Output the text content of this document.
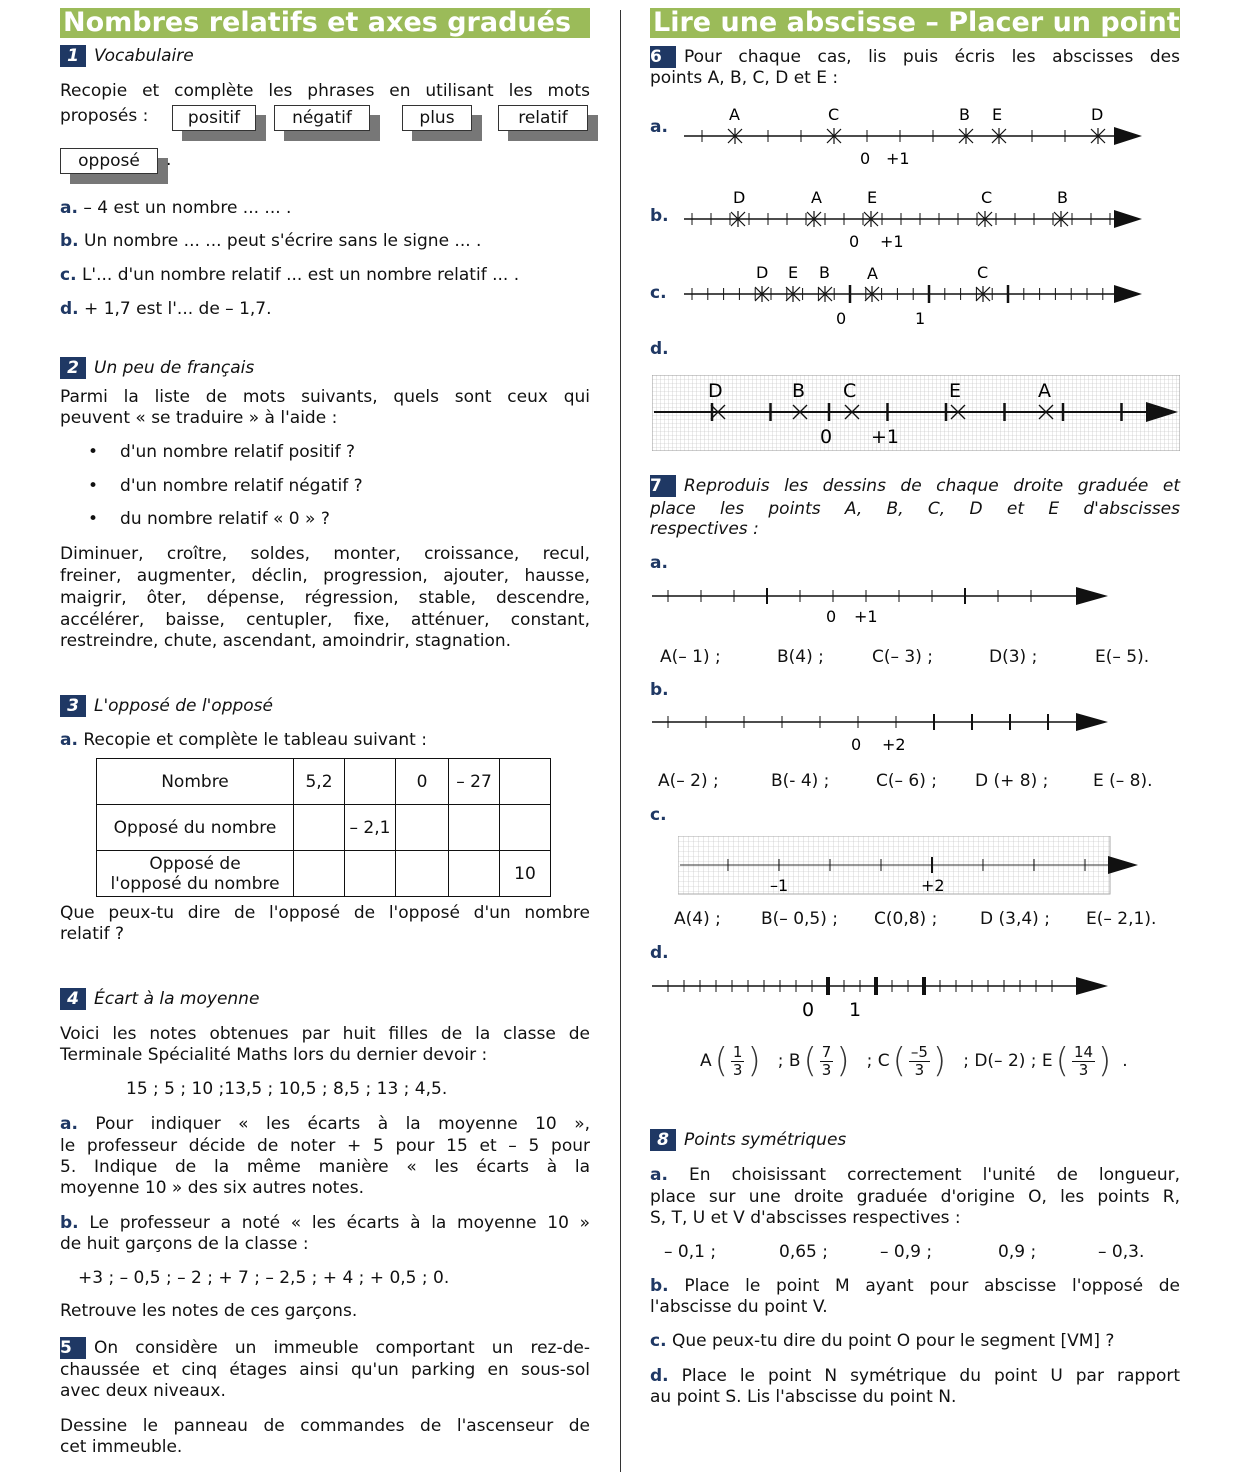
Nombres relatifs et axes gradués
1 Vocabulaire
Recopie et complète les phrases en utilisant les mots
proposés :	positif	négatif	plus	relatif
opposé	.
a. – 4 est un nombre ... ... .
b. Un nombre ... ... peut s'écrire sans le signe ... .
c. L'... d'un nombre relatif ... est un nombre relatif ... .
d. + 1,7 est l'... de – 1,7.
2 Un peu de français
Parmi la liste de mots suivants, quels sont ceux qui
peuvent « se traduire » à l'aide :
• d'un nombre relatif positif ?
• d'un nombre relatif négatif ?
• du nombre relatif « 0 » ?
Diminuer, croître, soldes, monter, croissance, recul,
freiner, augmenter, déclin, progression, ajouter, hausse,
maigrir, ôter, dépense, régression, stable, descendre,
accélérer, baisse, centupler, fixe, atténuer, constant,
restreindre, chute, ascendant, amoindrir, stagnation.
3 L'opposé de l'opposé
a. Recopie et complète le tableau suivant :
Nombre	5,2		0	– 27	
Opposé du nombre		– 2,1			

Opposé de
l'opposé du nombre					10
Que peux-tu dire de l'opposé de l'opposé d'un nombre
relatif ?
4 Écart à la moyenne
Voici les notes obtenues par huit filles de la classe de
Terminale Spécialité Maths lors du dernier devoir :
15 ; 5 ; 10 ;13,5 ; 10,5 ; 8,5 ; 13 ; 4,5.
a. Pour indiquer « les écarts à la moyenne 10 »,
le professeur décide de noter + 5 pour 15 et – 5 pour
5. Indique de la même manière « les écarts à la
moyenne 10 » des six autres notes.
b. Le professeur a noté « les écarts à la moyenne 10 »
de huit garçons de la classe :
+3 ; – 0,5 ; – 2 ; + 7 ; – 2,5 ; + 4 ; + 0,5 ; 0.
Retrouve les notes de ces garçons.
5 On considère un immeuble comportant un rez-de-
chaussée et cinq étages ainsi qu'un parking en sous-sol
avec deux niveaux.
Dessine le panneau de commandes de l'ascenseur de
cet immeuble.
Lire une abscisse – Placer un point
6 Pour chaque cas, lis puis écris les abscisses des
points A, B, C, D et E :
a.
b.
c.
d.
0 +1
A	C	B E	D
0 +1
D	A	E	C	B
0	1
D E B A	C
0 +1
D	B C	E	A
7 Reproduis les dessins de chaque droite graduée et
place les points A, B, C, D et E d'abscisses
respectives :
a.
0 +1
A(– 1) ;	B(4) ;	C(– 3) ;	D(3) ;	E(– 5).
b.
0 +2
A(– 2) ;	B(- 4) ;	C(– 6) ; D (+ 8) ;	E (– 8).
c.
–1	+2
A(4) ; B(– 0,5) ; C(0,8) ;	D (3,4) ; E(– 2,1).
d.
0 1
A ( $\frac{1}{3}$ ) ; B ( $\frac{7}{3}$ ) ; C ( $\frac{-5}{3}$ ) ; D(– 2) ; E ( $\frac{14}{3}$ ) .
8 Points symétriques
a. En choisissant correctement l'unité de longueur,
place sur une droite graduée d'origine O, les points R,
S, T, U et V d'abscisses respectives :
– 0,1 ;	0,65 ;	– 0,9 ;	0,9 ;	– 0,3.
b. Place le point M ayant pour abscisse l'opposé de
l'abscisse du point V.
c. Que peux-tu dire du point O pour le segment [VM] ?
d. Place le point N symétrique du point U par rapport
au point S. Lis l'abscisse du point N.
